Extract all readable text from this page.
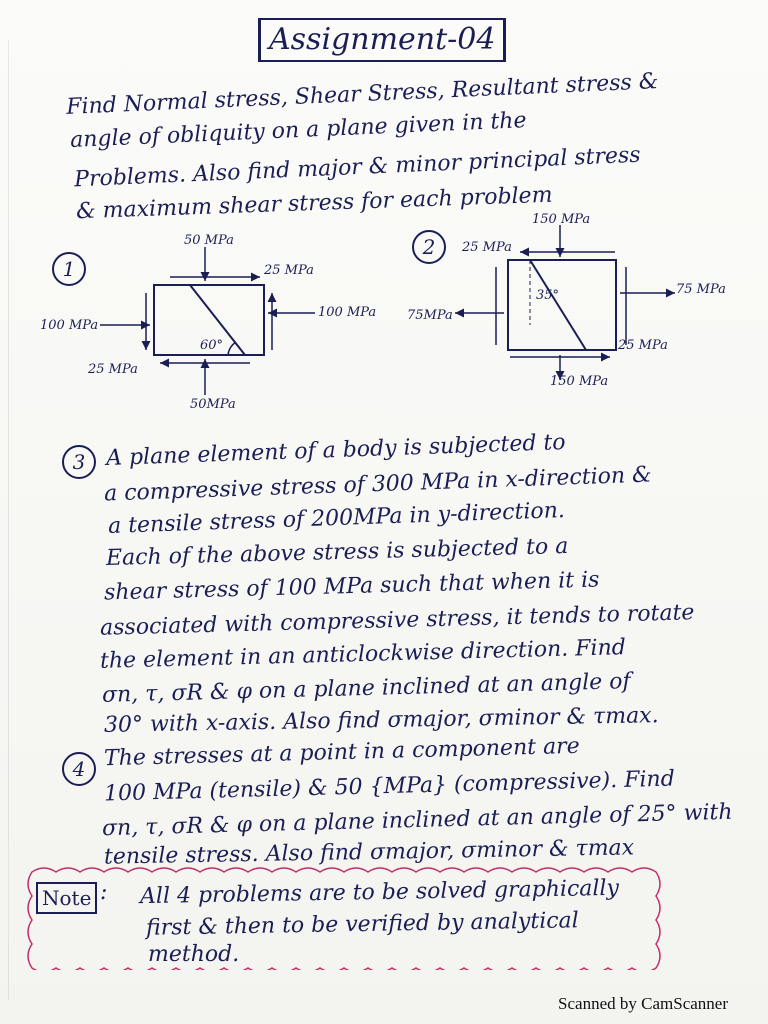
Assignment-04
Find Normal stress, Shear Stress, Resultant stress &
angle of obliquity on a plane given in the
Problems. Also find major & minor principal stress
& maximum shear stress for each problem
1
50 MPa
25 MPa
100 MPa
100 MPa
60°
25 MPa
50MPa
2
150 MPa
25 MPa
35°
75MPa
75 MPa
25 MPa
150 MPa
3 A plane element of a body is subjected to
a compressive stress of 300 MPa in x-direction &
a tensile stress of 200MPa in y-direction.
Each of the above stress is subjected to a
shear stress of 100 MPa such that when it is
associated with compressive stress, it tends to rotate
the element in an anticlockwise direction. Find
σn, τ, σR & φ on a plane inclined at an angle of
30° with x-axis. Also find σmajor, σminor & τmax.
4 The stresses at a point in a component are
100 MPa (tensile) & 50 {MPa} (compressive). Find
σn, τ, σR & φ on a plane inclined at an angle of 25° with
tensile stress. Also find σmajor, σminor & τmax
Note : All 4 problems are to be solved graphically
first & then to be verified by analytical
method.
Scanned by CamScanner
